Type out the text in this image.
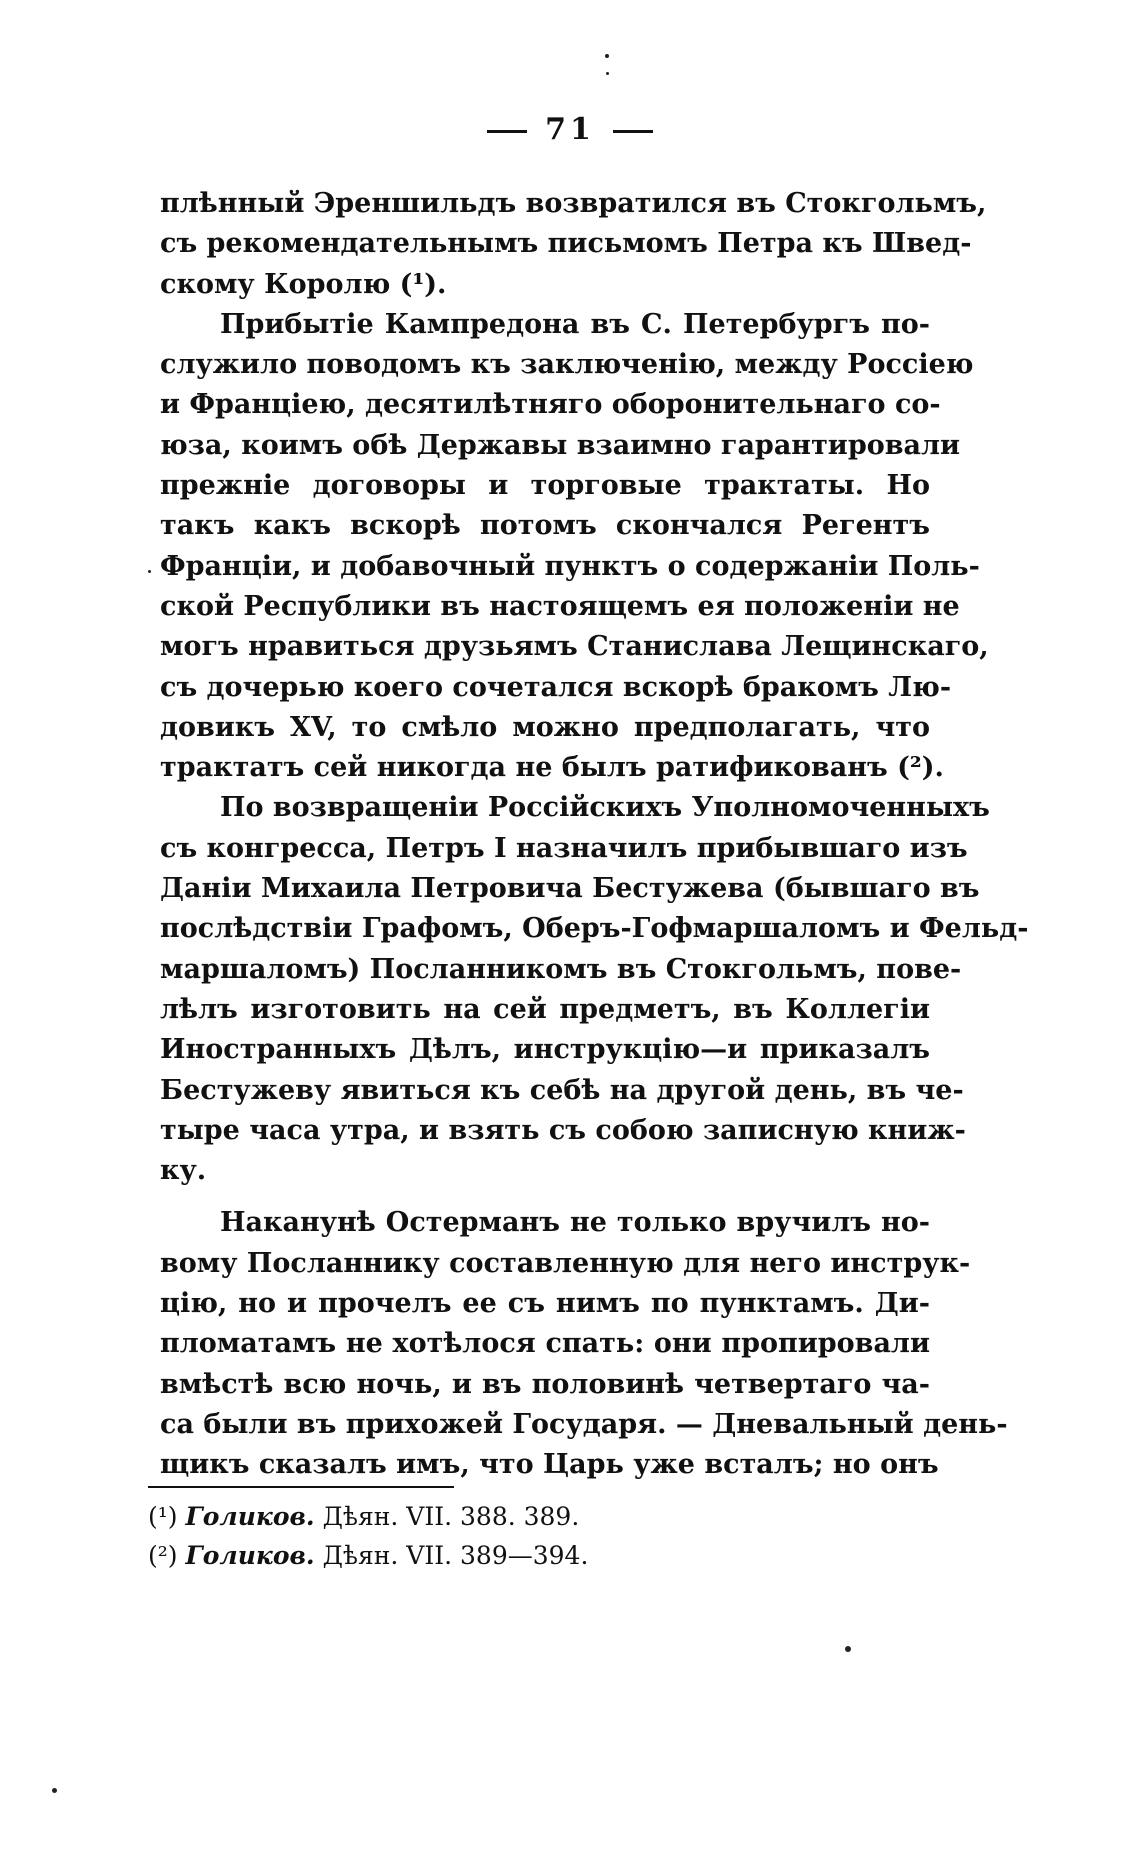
71
плѣнный Эреншильдъ возвратился въ Стокгольмъ,
съ рекомендательнымъ письмомъ Петра къ Швед-
скому Королю (¹).
Прибытіе Кампредона въ С. Петербургъ по-
служило поводомъ къ заключенію, между Россіею
и Франціею, десятилѣтняго оборонительнаго со-
юза, коимъ обѣ Державы взаимно гарантировали
прежніе договоры и торговые трактаты. Но
такъ какъ вскорѣ потомъ скончался Регентъ
Франціи, и добавочный пунктъ о содержаніи Поль-
ской Республики въ настоящемъ ея положеніи не
могъ нравиться друзьямъ Станислава Лещинскаго,
съ дочерью коего сочетался вскорѣ бракомъ Лю-
довикъ XV, то смѣло можно предполагать, что
трактатъ сей никогда не былъ ратификованъ (²).
По возвращеніи Россійскихъ Уполномоченныхъ
съ конгресса, Петръ I назначилъ прибывшаго изъ
Даніи Михаила Петровича Бестужева (бывшаго въ
послѣдствіи Графомъ, Оберъ-Гофмаршаломъ и Фельд-
маршаломъ) Посланникомъ въ Стокгольмъ, пове-
лѣлъ изготовить на сей предметъ, въ Коллегіи
Иностранныхъ Дѣлъ, инструкцію—и приказалъ
Бестужеву явиться къ себѣ на другой день, въ че-
тыре часа утра, и взять съ собою записную книж-
ку.
Наканунѣ Остерманъ не только вручилъ но-
вому Посланнику составленную для него инструк-
цію, но и прочелъ ее съ нимъ по пунктамъ. Ди-
пломатамъ не хотѣлося спать: они пропировали
вмѣстѣ всю ночь, и въ половинѣ четвертаго ча-
са были въ прихожей Государя. — Дневальный день-
щикъ сказалъ имъ, что Царь уже всталъ; но онъ
(¹) Голиков. Дѣян. VII. 388. 389.
(²) Голиков. Дѣян. VII. 389—394.
